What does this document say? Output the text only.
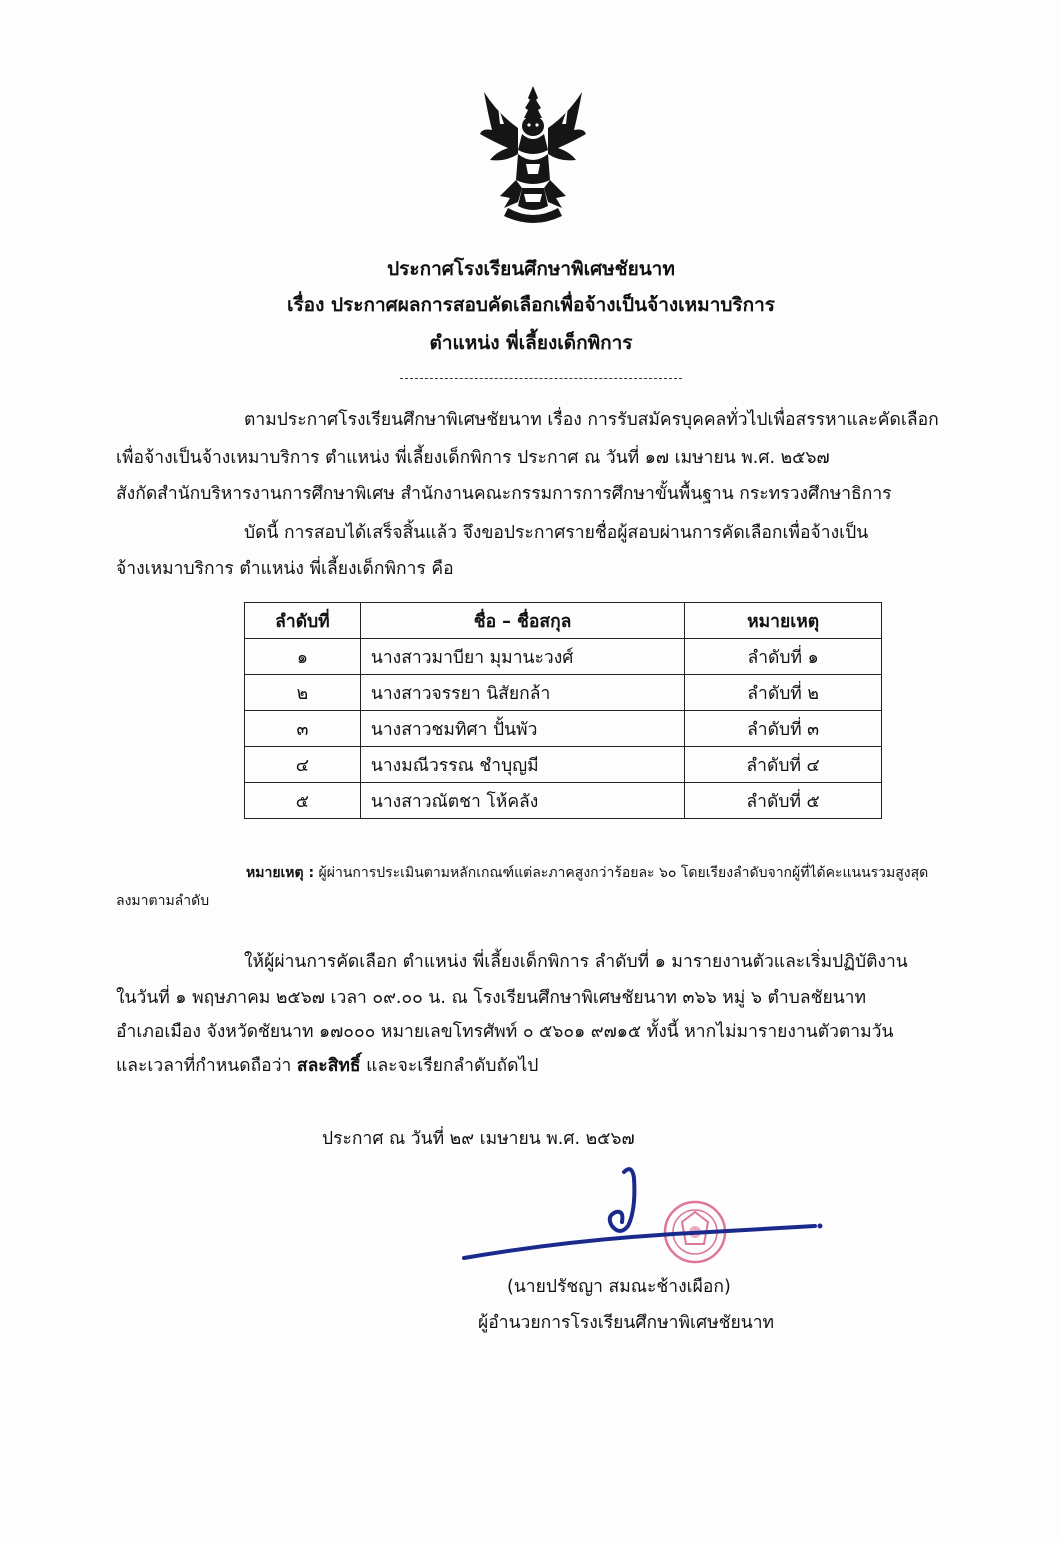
ประกาศโรงเรียนศึกษาพิเศษชัยนาท
เรื่อง ประกาศผลการสอบคัดเลือกเพื่อจ้างเป็นจ้างเหมาบริการ
ตำแหน่ง พี่เลี้ยงเด็กพิการ
ตามประกาศโรงเรียนศึกษาพิเศษชัยนาท เรื่อง การรับสมัครบุคคลทั่วไปเพื่อสรรหาและคัดเลือก
เพื่อจ้างเป็นจ้างเหมาบริการ ตำแหน่ง พี่เลี้ยงเด็กพิการ ประกาศ ณ วันที่ ๑๗ เมษายน พ.ศ. ๒๕๖๗
สังกัดสำนักบริหารงานการศึกษาพิเศษ สำนักงานคณะกรรมการการศึกษาขั้นพื้นฐาน กระทรวงศึกษาธิการ
บัดนี้ การสอบได้เสร็จสิ้นแล้ว จึงขอประกาศรายชื่อผู้สอบผ่านการคัดเลือกเพื่อจ้างเป็น
จ้างเหมาบริการ ตำแหน่ง พี่เลี้ยงเด็กพิการ คือ
ลำดับที่	ชื่อ – ชื่อสกุล	หมายเหตุ
๑	นางสาวมาบียา มุมานะวงศ์	ลำดับที่ ๑
๒	นางสาวจรรยา นิสัยกล้า	ลำดับที่ ๒
๓	นางสาวชมทิศา ปั้นพัว	ลำดับที่ ๓
๔	นางมณีวรรณ ชำบุญมี	ลำดับที่ ๔
๕	นางสาวณัตชา โห้คลัง	ลำดับที่ ๕
หมายเหตุ : ผู้ผ่านการประเมินตามหลักเกณฑ์แต่ละภาคสูงกว่าร้อยละ ๖๐ โดยเรียงลำดับจากผู้ที่ได้คะแนนรวมสูงสุด
ลงมาตามลำดับ
ให้ผู้ผ่านการคัดเลือก ตำแหน่ง พี่เลี้ยงเด็กพิการ ลำดับที่ ๑ มารายงานตัวและเริ่มปฏิบัติงาน
ในวันที่ ๑ พฤษภาคม ๒๕๖๗ เวลา ๐๙.๐๐ น. ณ โรงเรียนศึกษาพิเศษชัยนาท ๓๖๖ หมู่ ๖ ตำบลชัยนาท
อำเภอเมือง จังหวัดชัยนาท ๑๗๐๐๐ หมายเลขโทรศัพท์ ๐ ๕๖๐๑ ๙๗๑๕ ทั้งนี้ หากไม่มารายงานตัวตามวัน
และเวลาที่กำหนดถือว่า สละสิทธิ์ และจะเรียกลำดับถัดไป
ประกาศ ณ วันที่ ๒๙ เมษายน พ.ศ. ๒๕๖๗
(นายปรัชญา สมณะช้างเผือก)
ผู้อำนวยการโรงเรียนศึกษาพิเศษชัยนาท
